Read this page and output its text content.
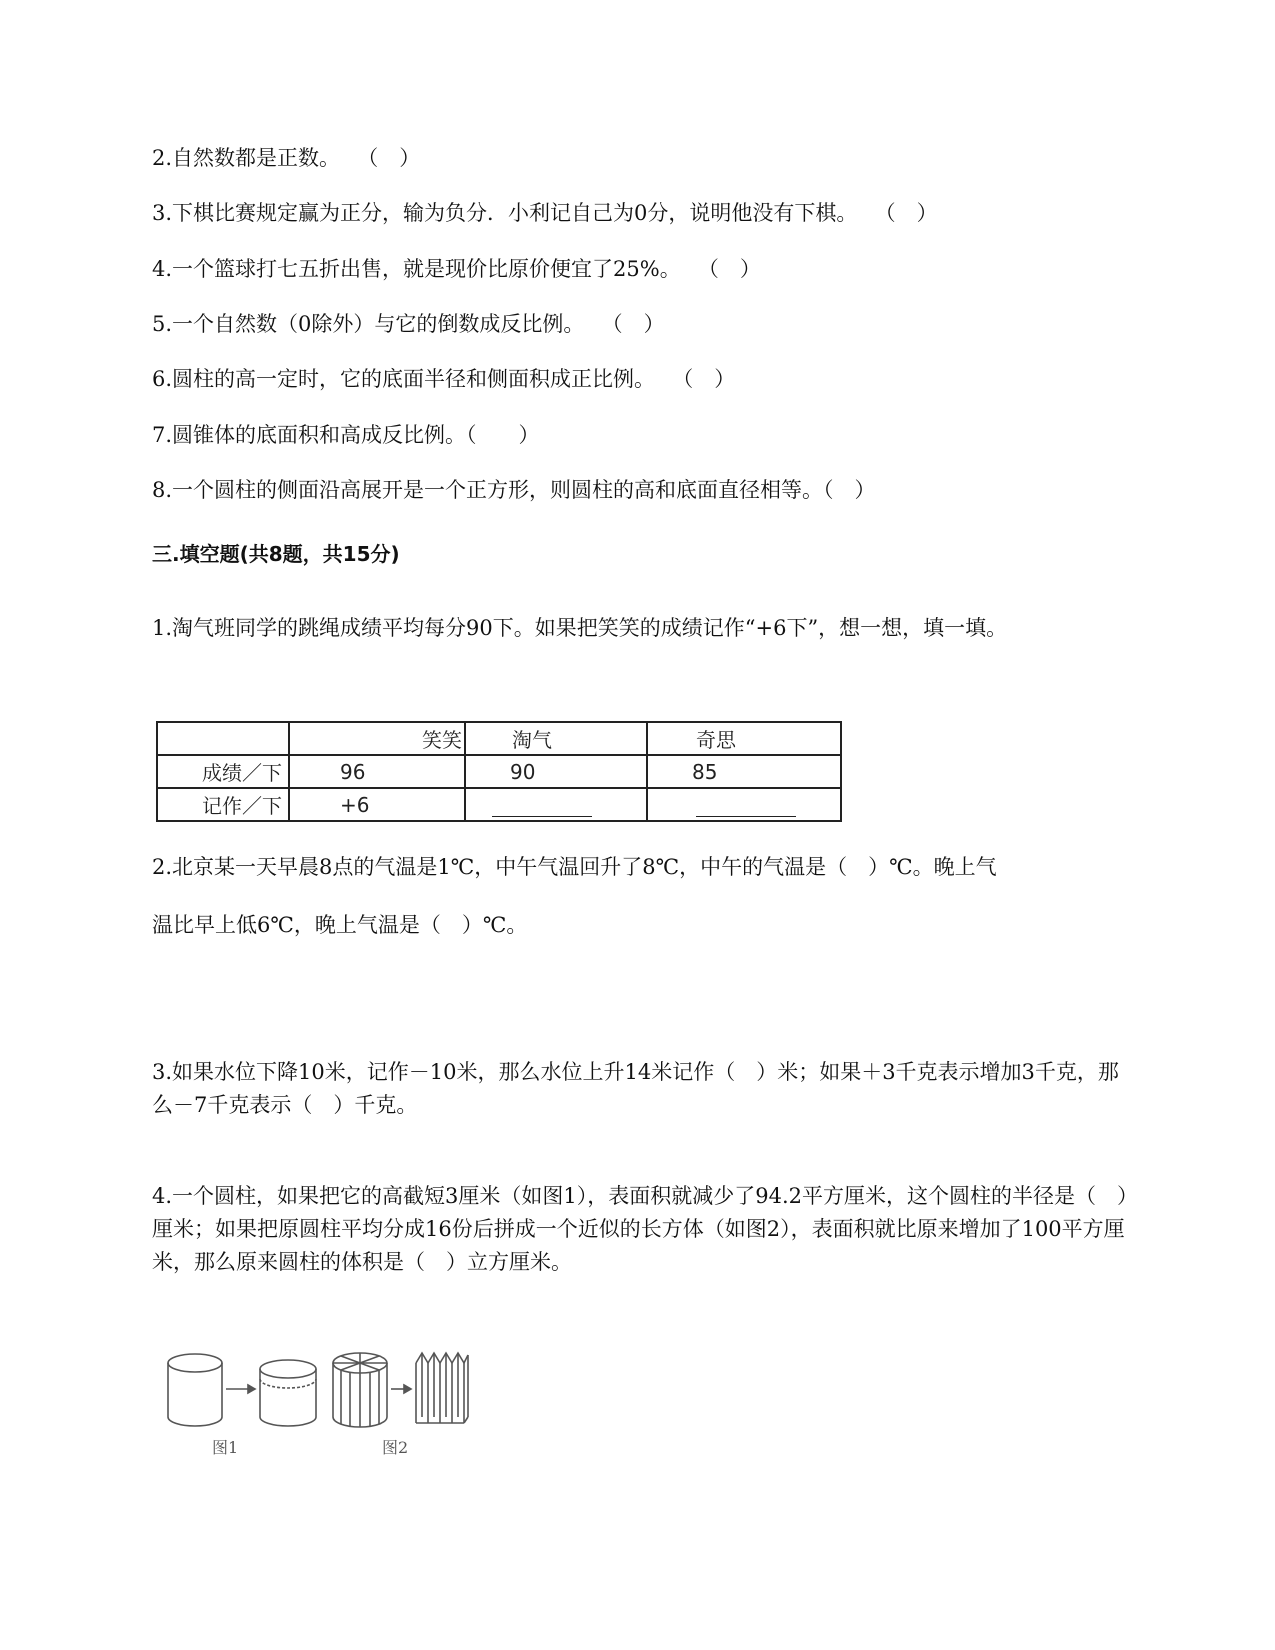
2.自然数都是正数。　 （　）
3.下棋比赛规定赢为正分，输为负分．小利记自己为0分，说明他没有下棋。　 （　）
4.一个篮球打七五折出售，就是现价比原价便宜了25%。　 （　）
5.一个自然数（0除外）与它的倒数成反比例。　 （　）
6.圆柱的高一定时，它的底面半径和侧面积成正比例。　 （　）
7.圆锥体的底面积和高成反比例。（　　）
8.一个圆柱的侧面沿高展开是一个正方形，则圆柱的高和底面直径相等。（　）
三.填空题(共8题，共15分)
1.淘气班同学的跳绳成绩平均每分90下。如果把笑笑的成绩记作“+6下”，想一想，填一填。
	笑笑	淘气	奇思
成绩／下	96	90	85
记作／下	+6		
2.北京某一天早晨8点的气温是1℃，中午气温回升了8℃，中午的气温是（　）℃。晚上气
温比早上低6℃，晚上气温是（　）℃。
3.如果水位下降10米，记作－10米，那么水位上升14米记作（　）米；如果＋3千克表示增加3千克，那么－7千克表示（　）千克。
4.一个圆柱，如果把它的高截短3厘米（如图1），表面积就减少了94.2平方厘米，这个圆柱的半径是（　）厘米；如果把原圆柱平均分成16份后拼成一个近似的长方体（如图2），表面积就比原来增加了100平方厘米，那么原来圆柱的体积是（　）立方厘米。
图1	图2
